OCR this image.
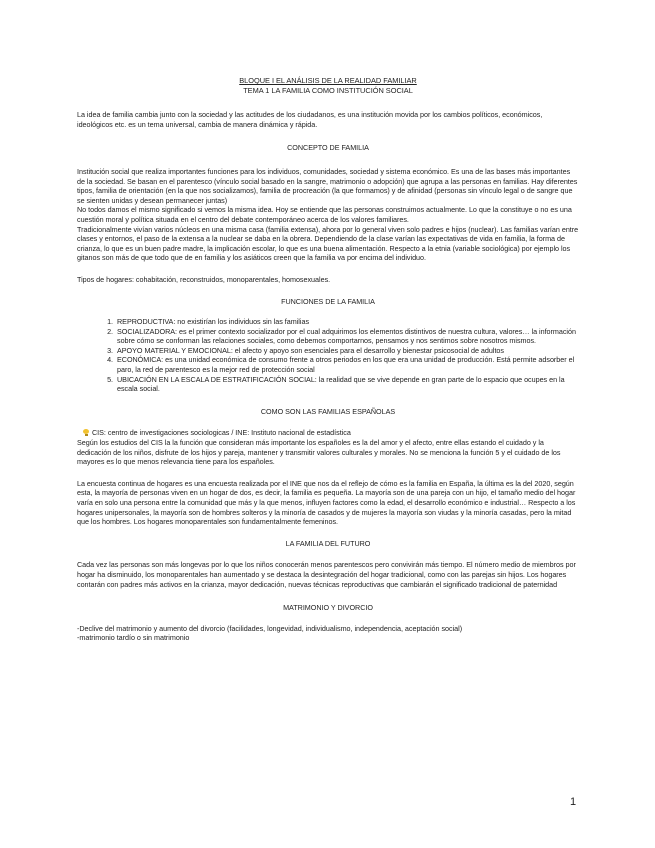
BLOQUE I EL ANÁLISIS DE LA REALIDAD FAMILIAR

TEMA 1 LA FAMILIA COMO INSTITUCIÓN SOCIAL

La idea de familia cambia junto con la sociedad y las actitudes de los ciudadanos, es una institución movida por los cambios políticos, económicos, ideológicos etc. es un tema universal, cambia de manera dinámica y rápida.

CONCEPTO DE FAMILIA

Institución social que realiza importantes funciones para los individuos, comunidades, sociedad y sistema económico. Es una de las bases más importantes de la sociedad. Se basan en el parentesco (vínculo social basado en la sangre, matrimonio o adopción) que agrupa a las personas en familias. Hay diferentes tipos, familia de orientación (en la que nos socializamos), familia de procreación (la que formamos) y de afinidad (personas sin vínculo legal o de sangre que se sienten unidas y desean permanecer juntas)

No todos damos el mismo significado si vemos la misma idea. Hoy se entiende que las personas construimos actualmente. Lo que la constituye o no es una cuestión moral y política situada en el centro del debate contemporáneo acerca de los valores familiares.

Tradicionalmente vivían varios núcleos en una misma casa (familia extensa), ahora por lo general viven solo padres e hijos (nuclear). Las familias varían entre clases y entornos, el paso de la extensa a la nuclear se daba en la obrera. Dependiendo de la clase varían las expectativas de vida en familia, la forma de crianza, lo que es un buen padre madre, la implicación escolar, lo que es una buena alimentación. Respecto a la etnia (variable sociológica) por ejemplo los gitanos son más de que todo que de en familia y los asiáticos creen que la familia va por encima del individuo.

Tipos de hogares: cohabitación, reconstruidos, monoparentales, homosexuales.

FUNCIONES DE LA FAMILIA

1. REPRODUCTIVA: no existirían los individuos sin las familias
2. SOCIALIZADORA: es el primer contexto socializador por el cual adquirimos los elementos distintivos de nuestra cultura, valores… la información sobre cómo se conforman las relaciones sociales, como debemos comportarnos, pensamos y nos sentimos sobre nosotros mismos.
3. APOYO MATERIAL Y EMOCIONAL: el afecto y apoyo son esenciales para el desarrollo y bienestar psicosocial de adultos
4. ECONÓMICA: es una unidad económica de consumo frente a otros periodos en los que era una unidad de producción. Está permite adsorber el paro, la red de parentesco es la mejor red de protección social
5. UBICACIÓN EN LA ESCALA DE ESTRATIFICACIÓN SOCIAL: la realidad que se vive depende en gran parte de lo espacio que ocupes en la escala social.

COMO SON LAS FAMILIAS ESPAÑOLAS

CIS: centro de investigaciones sociologicas / INE: Instituto nacional de estadística

Según los estudios del CIS la la función que consideran más importante los españoles es la del amor y el afecto, entre ellas estando el cuidado y la dedicación de los niños, disfrute de los hijos y pareja, mantener y transmitir valores culturales y morales. No se menciona la función 5 y el cuidado de los mayores es lo que menos relevancia tiene para los españoles.

La encuesta continua de hogares es una encuesta realizada por el INE que nos da el reflejo de cómo es la familia en España, la última es la del 2020, según esta, la mayoría de personas viven en un hogar de dos, es decir, la familia es pequeña. La mayoría son de una pareja con un hijo, el tamaño medio del hogar varía en solo una persona entre la comunidad que más y la que menos, influyen factores como la edad, el desarrollo económico e industrial… Respecto a los hogares unipersonales, la mayoría son de hombres solteros y la minoría de casados y de mujeres la mayoría son viudas y la minoría casadas, pero la mitad que los hombres. Los hogares monoparentales son fundamentalmente femeninos.

LA FAMILIA DEL FUTURO

Cada vez las personas son más longevas por lo que los niños conocerán menos parentescos pero convivirán más tiempo. El número medio de miembros por hogar ha disminuido, los monoparentales han aumentado y se destaca la desintegración del hogar tradicional, como con las parejas sin hijos. Los hogares contarán con padres más activos en la crianza, mayor dedicación, nuevas técnicas reproductivas que cambiarán el significado tradicional de paternidad

MATRIMONIO Y DIVORCIO

-Declive del matrimonio y aumento del divorcio (facilidades, longevidad, individualismo, independencia, aceptación social)

-matrimonio tardío o sin matrimonio

1
